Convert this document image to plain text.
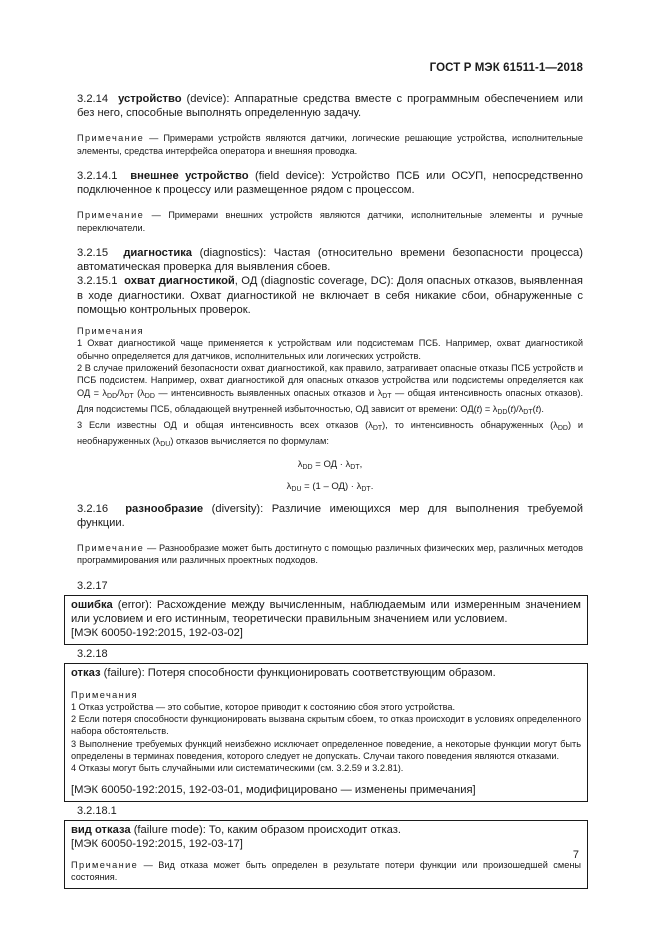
ГОСТ Р МЭК 61511-1—2018

3.2.14 устройство (device): Аппаратные средства вместе с программным обеспечением или без него, способные выполнять определенную задачу.

Примечание — Примерами устройств являются датчики, логические решающие устройства, исполнительные элементы, средства интерфейса оператора и внешняя проводка.

3.2.14.1 внешнее устройство (field device): Устройство ПСБ или ОСУП, непосредственно подключенное к процессу или размещенное рядом с процессом.

Примечание — Примерами внешних устройств являются датчики, исполнительные элементы и ручные переключатели.

3.2.15 диагностика (diagnostics): Частая (относительно времени безопасности процесса) автоматическая проверка для выявления сбоев.

3.2.15.1 охват диагностикой, ОД (diagnostic coverage, DC): Доля опасных отказов, выявленная в ходе диагностики. Охват диагностикой не включает в себя никакие сбои, обнаруженные с помощью контрольных проверок.

Примечания

1 Охват диагностикой чаще применяется к устройствам или подсистемам ПСБ. Например, охват диагностикой обычно определяется для датчиков, исполнительных или логических устройств.

2 В случае приложений безопасности охват диагностикой, как правило, затрагивает опасные отказы ПСБ устройств и ПСБ подсистем. Например, охват диагностикой для опасных отказов устройства или подсистемы определяется как ОД = $\lambda_{DD}/\lambda_{DT}$ ($\lambda_{DD}$ — интенсивность выявленных опасных отказов и $\lambda_{DT}$ — общая интенсивность опасных отказов). Для подсистемы ПСБ, обладающей внутренней избыточностью, ОД зависит от времени: $ОД(t) = \lambda_{DD}(t)/\lambda_{DT}(t)$.

3 Если известны ОД и общая интенсивность всех отказов $(\lambda_{DT})$, то интенсивность обнаруженных $(\lambda_{DD})$ и необнаруженных $(\lambda_{DU})$ отказов вычисляется по формулам:

$\lambda_{DD}$ = ОД · $\lambda_{DT}$,

$\lambda_{DU} = (1 - ОД) \cdot \lambda_{DT}$.

3.2.16 разнообразие (diversity): Различие имеющихся мер для выполнения требуемой функции.

Примечание — Разнообразие может быть достигнуто с помощью различных физических мер, различных методов программирования или различных проектных подходов.

3.2.17

ошибка (error): Расхождение между вычисленным, наблюдаемым или измеренным значением или условием и его истинным, теоретически правильным значением или условием.

[МЭК 60050-192:2015, 192-03-02]

3.2.18

отказ (failure): Потеря способности функционировать соответствующим образом.

Примечания

1 Отказ устройства — это событие, которое приводит к состоянию сбоя этого устройства.

2 Если потеря способности функционировать вызвана скрытым сбоем, то отказ происходит в условиях определенного набора обстоятельств.

3 Выполнение требуемых функций неизбежно исключает определенное поведение, а некоторые функции могут быть определены в терминах поведения, которого следует не допускать. Случаи такого поведения являются отказами.

4 Отказы могут быть случайными или систематическими (см. 3.2.59 и 3.2.81).

[МЭК 60050-192:2015, 192-03-01, модифицировано — изменены примечания]

3.2.18.1

вид отказа (failure mode): То, каким образом происходит отказ.

[МЭК 60050-192:2015, 192-03-17]

Примечание — Вид отказа может быть определен в результате потери функции или произошедшей смены состояния.

7
